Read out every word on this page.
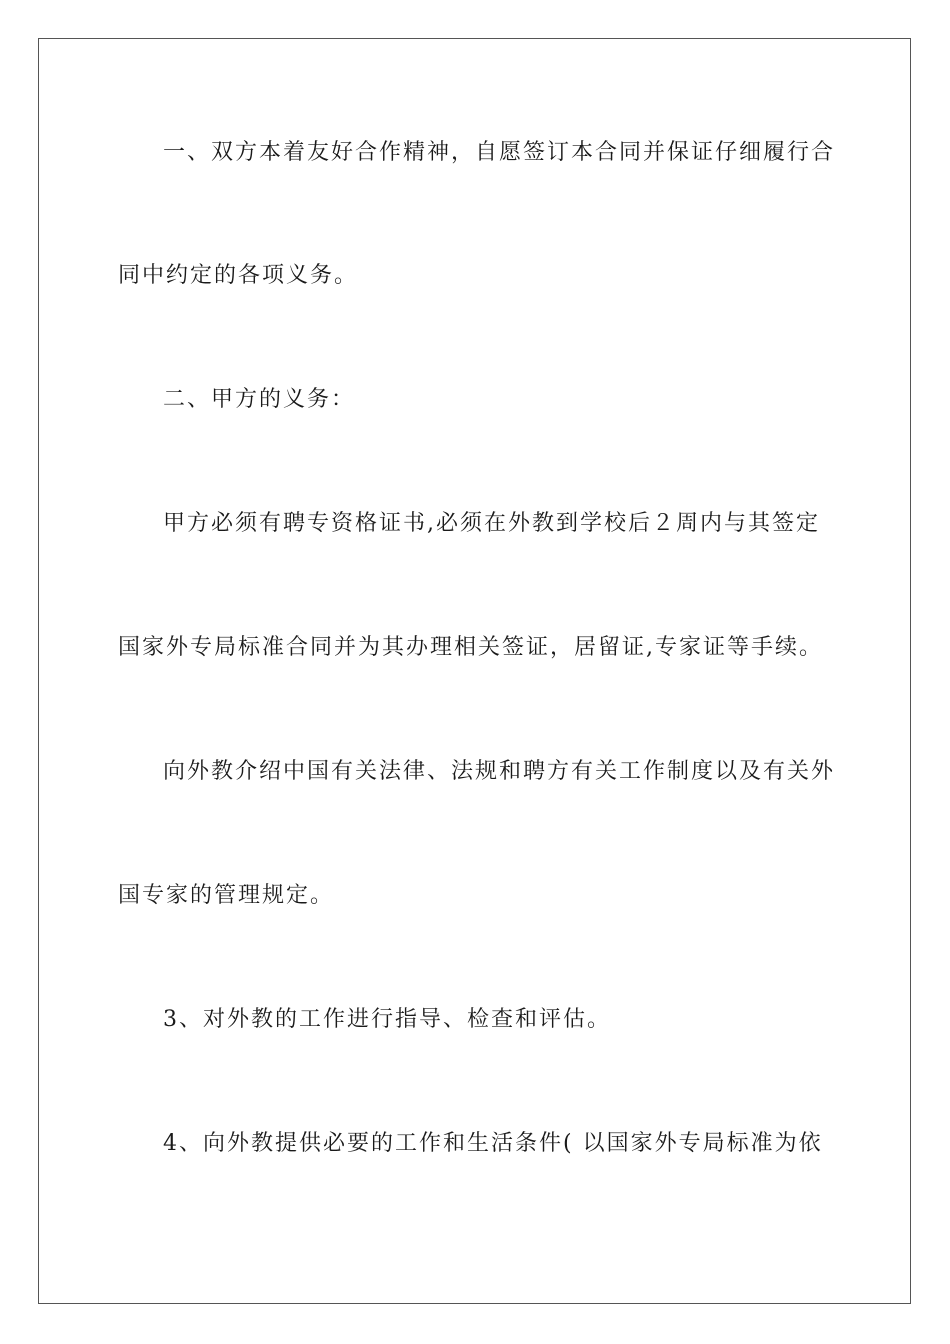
一、双方本着友好合作精神，自愿签订本合同并保证仔细履行合
同中约定的各项义务。
二、甲方的义务：
甲方必须有聘专资格证书,必须在外教到学校后２周内与其签定
国家外专局标准合同并为其办理相关签证，居留证,专家证等手续。
向外教介绍中国有关法律、法规和聘方有关工作制度以及有关外
国专家的管理规定。
3、对外教的工作进行指导、检查和评估。
4、向外教提供必要的工作和生活条件( 以国家外专局标准为依
